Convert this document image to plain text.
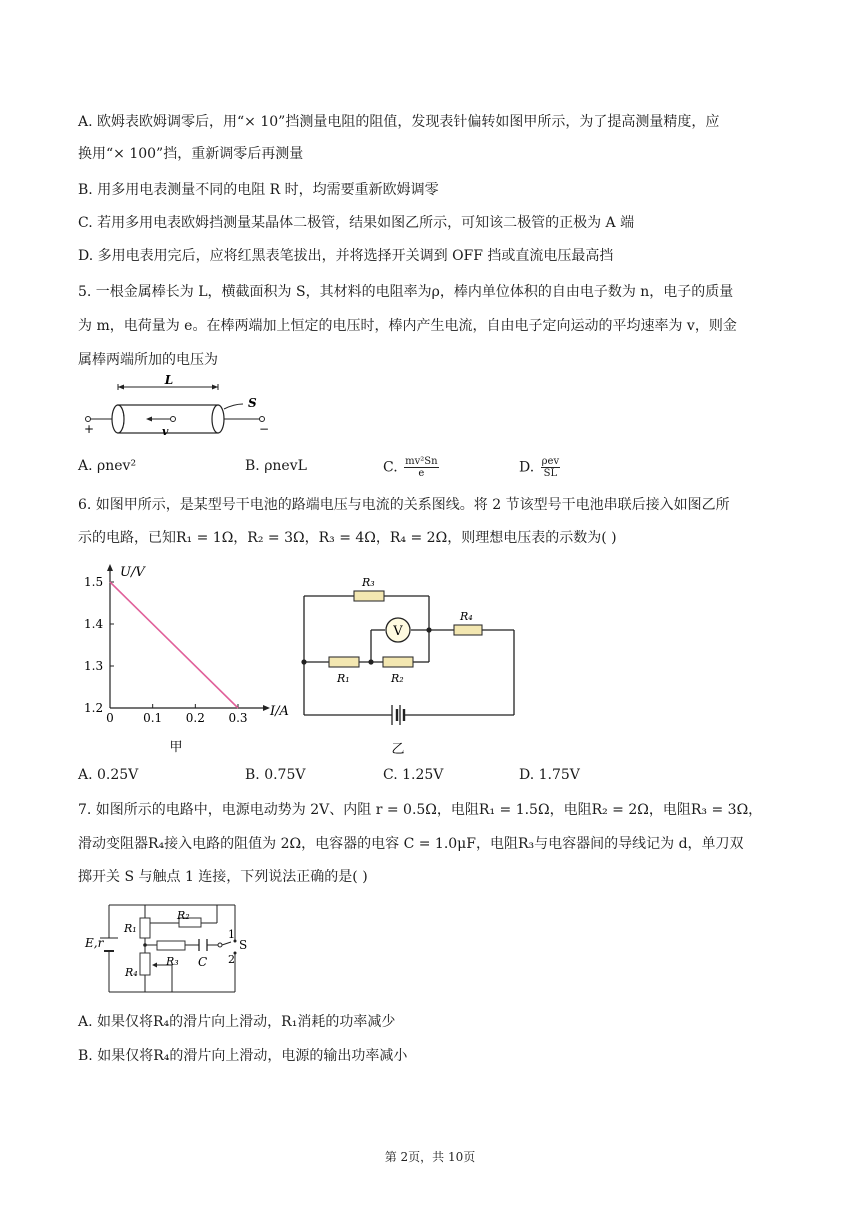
A. 欧姆表欧姆调零后，用“× 10”挡测量电阻的阻值，发现表针偏转如图甲所示，为了提高测量精度，应
换用“× 100”挡，重新调零后再测量
B. 用多用电表测量不同的电阻 R 时，均需要重新欧姆调零
C. 若用多用电表欧姆挡测量某晶体二极管，结果如图乙所示，可知该二极管的正极为 A 端
D. 多用电表用完后，应将红黑表笔拔出，并将选择开关调到 OFF 挡或直流电压最高挡
5. 一根金属棒长为 L，横截面积为 S，其材料的电阻率为ρ，棒内单位体积的自由电子数为 n，电子的质量
为 m，电荷量为 e。在棒两端加上恒定的电压时，棒内产生电流，自由电子定向运动的平均速率为 v，则金
属棒两端所加的电压为
L
v
S
+	−
A. ρnev²	B. ρnevL	C. $\frac{\text{mv²Sn}}{e}$	D. ρev
SL
6. 如图甲所示，是某型号干电池的路端电压与电流的关系图线。将 2 节该型号干电池串联后接入如图乙所
示的电路，已知R₁ = 1Ω，R₂ = 3Ω，R₃ = 4Ω，R₄ = 2Ω，则理想电压表的示数为( )
1.5
1.4
1.3
1.2
0 0.1 0.2 0.3
U/V
I/A
甲
V
R₃
R₁	R₂
R₄
乙
A. 0.25V	B. 0.75V	C. 1.25V	D. 1.75V
7. 如图所示的电路中，电源电动势为 2V、内阻 r = 0.5Ω，电阻R₁ = 1.5Ω，电阻R₂ = 2Ω，电阻R₃ = 3Ω，
滑动变阻器R₄接入电路的阻值为 2Ω，电容器的电容 C = 1.0μF，电阻R₃与电容器间的导线记为 d，单刀双
掷开关 S 与触点 1 连接，下列说法正确的是( )
E,r
R₁
R₂
R₃
R₄
C
S
1
2
A. 如果仅将R₄的滑片向上滑动，R₁消耗的功率减少
B. 如果仅将R₄的滑片向上滑动，电源的输出功率减小
第 2页，共 10页
